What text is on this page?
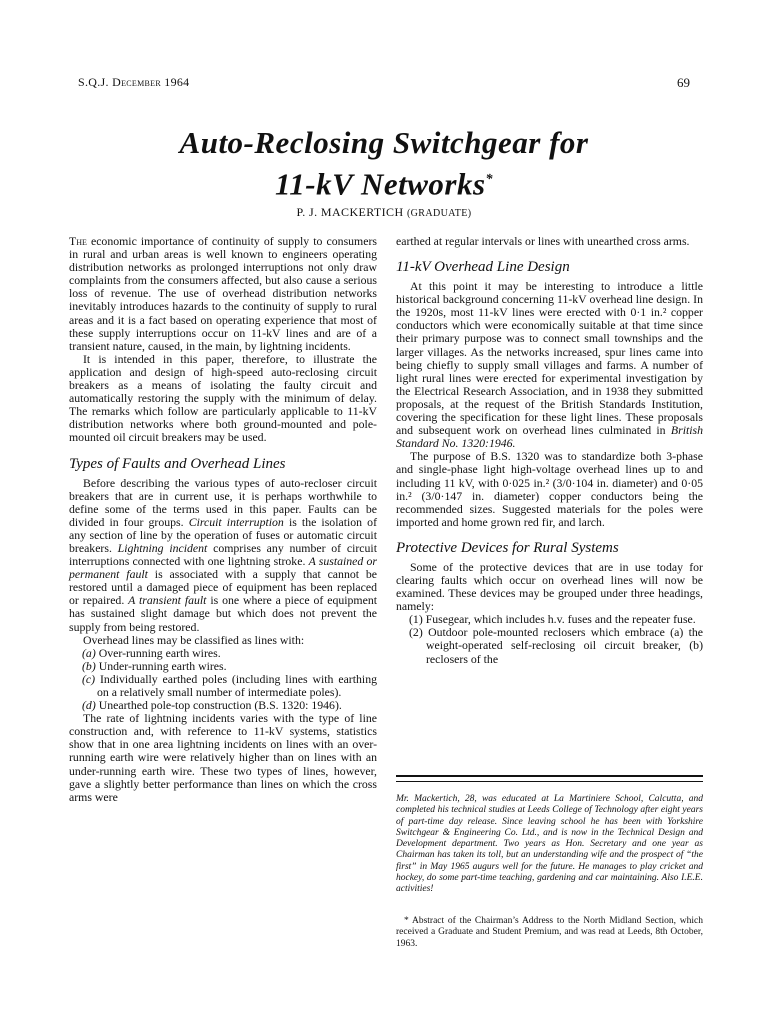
S.Q.J. December 1964	69
Auto-Reclosing Switchgear for
11-kV Networks*
P. J. MACKERTICH (GRADUATE)

The economic importance of continuity of supply to consumers in rural and urban areas is well known to engineers operating distribution networks as prolonged interruptions not only draw complaints from the consumers affected, but also cause a serious loss of revenue. The use of overhead distribution networks inevitably introduces hazards to the continuity of supply to rural areas and it is a fact based on operating experience that most of these supply interruptions occur on 11-kV lines and are of a transient nature, caused, in the main, by lightning incidents.

It is intended in this paper, therefore, to illustrate the application and design of high-speed auto-reclosing circuit breakers as a means of isolating the faulty circuit and automatically restoring the supply with the minimum of delay. The remarks which follow are particularly applicable to 11-kV distribution networks where both ground-mounted and pole-mounted oil circuit breakers may be used.

Types of Faults and Overhead Lines

Before describing the various types of auto-recloser circuit breakers that are in current use, it is perhaps worthwhile to define some of the terms used in this paper. Faults can be divided in four groups. Circuit interruption is the isolation of any section of line by the operation of fuses or automatic circuit breakers. Lightning incident comprises any number of circuit interruptions connected with one lightning stroke. A sustained or permanent fault is associated with a supply that cannot be restored until a damaged piece of equipment has been replaced or repaired. A transient fault is one where a piece of equipment has sustained slight damage but which does not prevent the supply from being restored.

Overhead lines may be classified as lines with:

(a) Over-running earth wires.

(b) Under-running earth wires.

(c) Individually earthed poles (including lines with earthing on a relatively small number of intermediate poles).

(d) Unearthed pole-top construction (B.S. 1320: 1946).

The rate of lightning incidents varies with the type of line construction and, with reference to 11-kV systems, statistics show that in one area lightning incidents on lines with an over-running earth wire were relatively higher than on lines with an under-running earth wire. These two types of lines, however, gave a slightly better performance than lines on which the cross arms were

earthed at regular intervals or lines with unearthed cross arms.

11-kV Overhead Line Design

At this point it may be interesting to introduce a little historical background concerning 11-kV overhead line design. In the 1920s, most 11-kV lines were erected with 0·1 in.² copper conductors which were economically suitable at that time since their primary purpose was to connect small townships and the larger villages. As the networks increased, spur lines came into being chiefly to supply small villages and farms. A number of light rural lines were erected for experimental investigation by the Electrical Research Association, and in 1938 they submitted proposals, at the request of the British Standards Institution, covering the specification for these light lines. These proposals and subsequent work on overhead lines culminated in British Standard No. 1320:1946.

The purpose of B.S. 1320 was to standardize both 3-phase and single-phase light high-voltage overhead lines up to and including 11 kV, with 0·025 in.² (3/0·104 in. diameter) and 0·05 in.² (3/0·147 in. diameter) copper conductors being the recommended sizes. Suggested materials for the poles were imported and home grown red fir, and larch.

Protective Devices for Rural Systems

Some of the protective devices that are in use today for clearing faults which occur on overhead lines will now be examined. These devices may be grouped under three headings, namely:

(1) Fusegear, which includes h.v. fuses and the repeater fuse.

(2) Outdoor pole-mounted reclosers which embrace (a) the weight-operated self-reclosing oil circuit breaker, (b) reclosers of the

Mr. Mackertich, 28, was educated at La Martiniere School, Calcutta, and completed his technical studies at Leeds College of Technology after eight years of part-time day release. Since leaving school he has been with Yorkshire Switchgear & Engineering Co. Ltd., and is now in the Technical Design and Development department. Two years as Hon. Secretary and one year as Chairman has taken its toll, but an understanding wife and the prospect of “the first” in May 1965 augurs well for the future. He manages to play cricket and hockey, do some part-time teaching, gardening and car maintaining. Also I.E.E. activities!
* Abstract of the Chairman’s Address to the North Midland Section, which received a Graduate and Student Premium, and was read at Leeds, 8th October, 1963.
